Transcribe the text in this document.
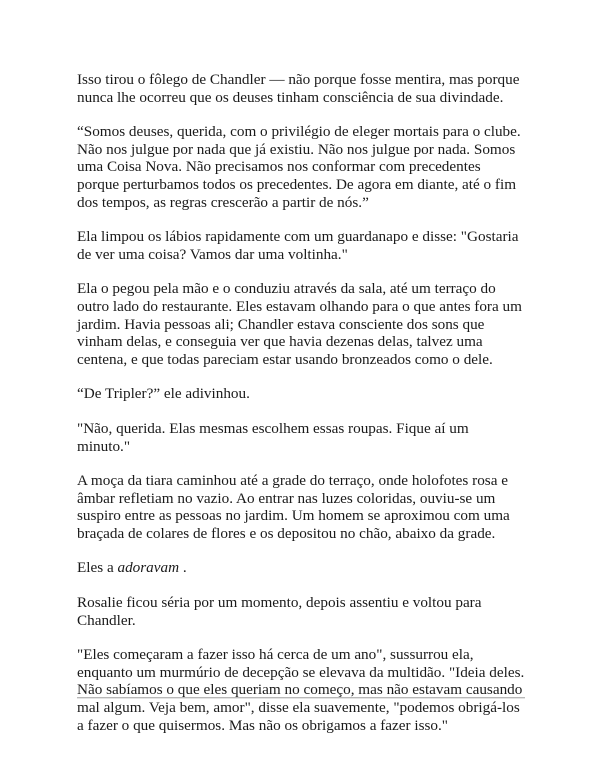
Isso tirou o fôlego de Chandler — não porque fosse mentira, mas porque nunca lhe ocorreu que os deuses tinham consciência de sua divindade.

“Somos deuses, querida, com o privilégio de eleger mortais para o clube. Não nos julgue por nada que já existiu. Não nos julgue por nada. Somos uma Coisa Nova. Não precisamos nos conformar com precedentes porque perturbamos todos os precedentes. De agora em diante, até o fim dos tempos, as regras crescerão a partir de nós.”

Ela limpou os lábios rapidamente com um guardanapo e disse: "Gostaria de ver uma coisa? Vamos dar uma voltinha."

Ela o pegou pela mão e o conduziu através da sala, até um terraço do outro lado do restaurante. Eles estavam olhando para o que antes fora um jardim. Havia pessoas ali; Chandler estava consciente dos sons que vinham delas, e conseguia ver que havia dezenas delas, talvez uma centena, e que todas pareciam estar usando bronzeados como o dele.

“De Tripler?” ele adivinhou.

"Não, querida. Elas mesmas escolhem essas roupas. Fique aí um minuto."

A moça da tiara caminhou até a grade do terraço, onde holofotes rosa e âmbar refletiam no vazio. Ao entrar nas luzes coloridas, ouviu-se um suspiro entre as pessoas no jardim. Um homem se aproximou com uma braçada de colares de flores e os depositou no chão, abaixo da grade.

Eles a adoravam .

Rosalie ficou séria por um momento, depois assentiu e voltou para Chandler.

"Eles começaram a fazer isso há cerca de um ano", sussurrou ela, enquanto um murmúrio de decepção se elevava da multidão. "Ideia deles. Não sabíamos o que eles queriam no começo, mas não estavam causando mal algum. Veja bem, amor", disse ela suavemente, "podemos obrigá-los a fazer o que quisermos. Mas não os obrigamos a fazer isso."
